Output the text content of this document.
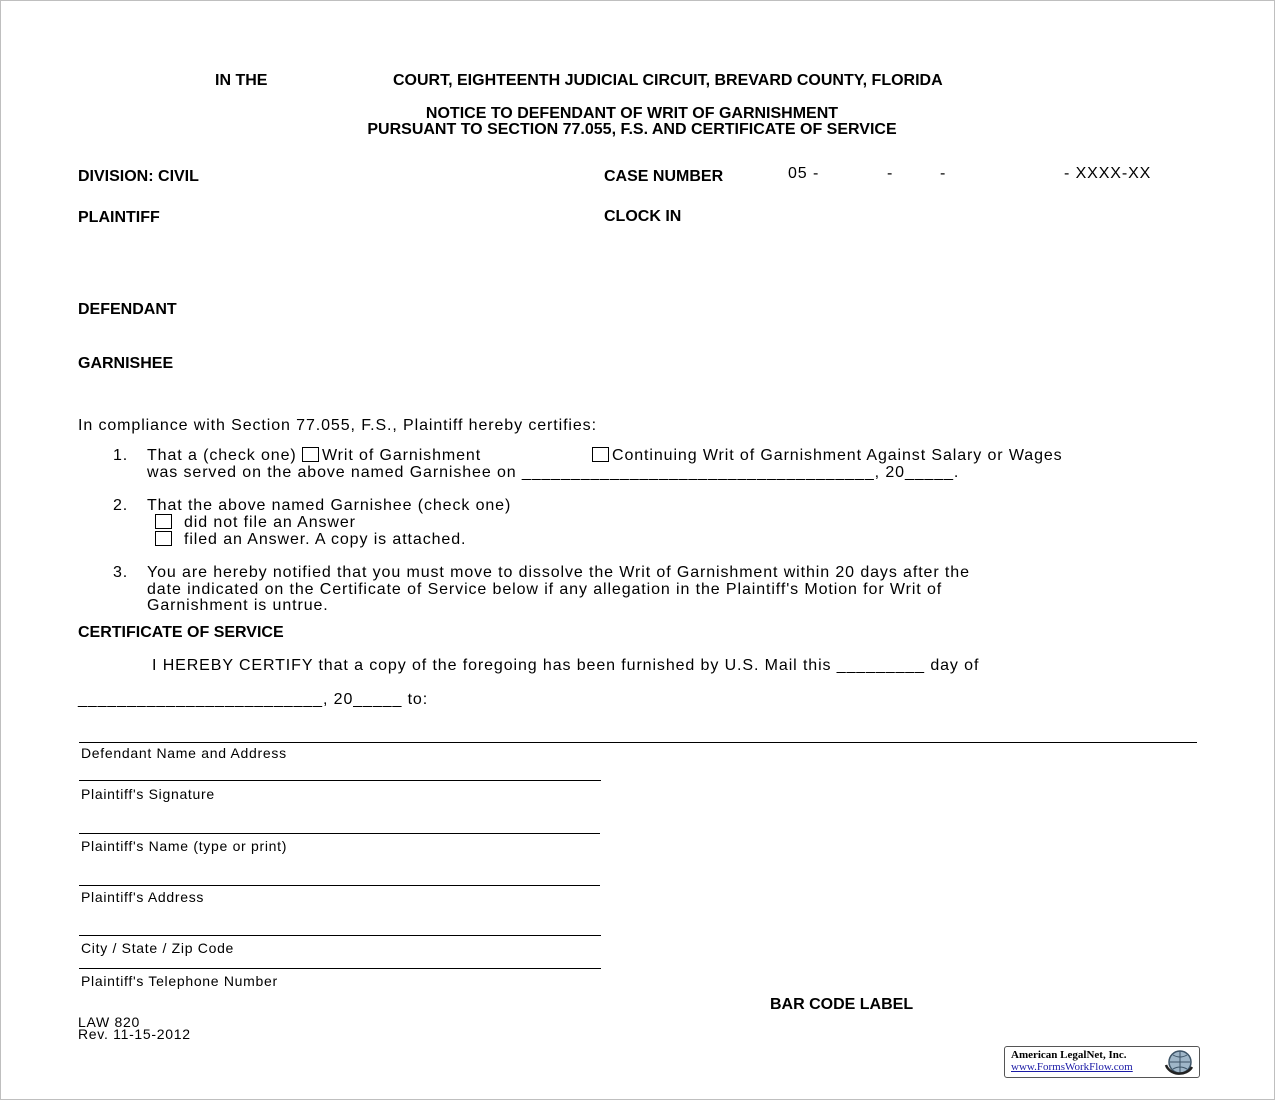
IN THE	COURT, EIGHTEENTH JUDICIAL CIRCUIT, BREVARD COUNTY, FLORIDA
NOTICE TO DEFENDANT OF WRIT OF GARNISHMENT
PURSUANT TO SECTION 77.055, F.S. AND CERTIFICATE OF SERVICE
DIVISION: CIVIL	CASE NUMBER	05 -	-	-	- XXXX-XX
PLAINTIFF	CLOCK IN
DEFENDANT
GARNISHEE
In compliance with Section 77.055, F.S., Plaintiff hereby certifies:
1. That a (check one) Writ of Garnishment	Continuing Writ of Garnishment Against Salary or Wages
was served on the above named Garnishee on ____________________________________, 20_____.
2. That the above named Garnishee (check one)
did not file an Answer
filed an Answer. A copy is attached.
3. You are hereby notified that you must move to dissolve the Writ of Garnishment within 20 days after the
date indicated on the Certificate of Service below if any allegation in the Plaintiff's Motion for Writ of
Garnishment is untrue.
CERTIFICATE OF SERVICE
I HEREBY CERTIFY that a copy of the foregoing has been furnished by U.S. Mail this _________ day of
_________________________, 20_____ to:
Defendant Name and Address
Plaintiff's Signature
Plaintiff's Name (type or print)
Plaintiff's Address
City / State / Zip Code
Plaintiff's Telephone Number
BAR CODE LABEL
LAW 820
Rev. 11-15-2012
American LegalNet, Inc.
www.FormsWorkFlow.com
